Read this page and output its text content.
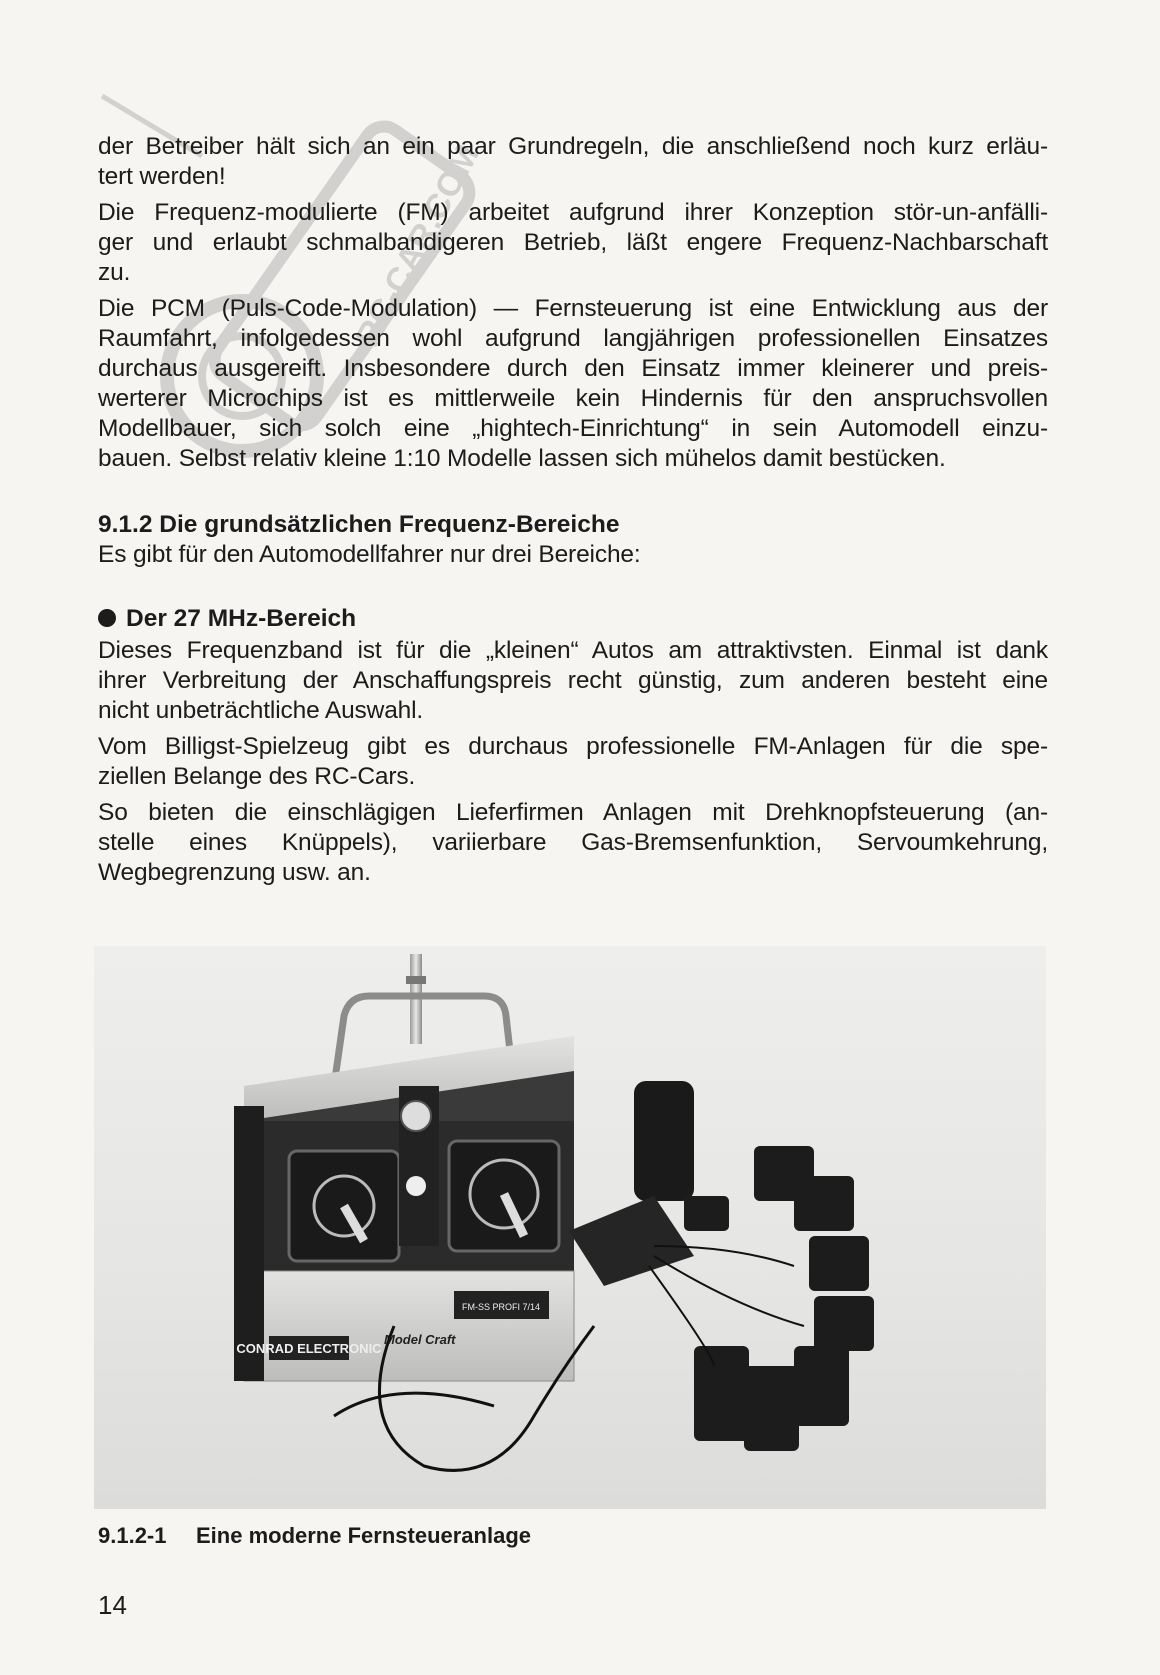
RC-CAR.COM

der Betreiber hält sich an ein paar Grundregeln, die anschließend noch kurz erläu-
tert werden!

Die Frequenz-modulierte (FM) arbeitet aufgrund ihrer Konzeption stör-un-anfälli-
ger und erlaubt schmalbandigeren Betrieb, läßt engere Frequenz-Nachbarschaft
zu.

Die PCM (Puls-Code-Modulation) — Fernsteuerung ist eine Entwicklung aus der
Raumfahrt, infolgedessen wohl aufgrund langjährigen professionellen Einsatzes
durchaus ausgereift. Insbesondere durch den Einsatz immer kleinerer und preis-
werterer Microchips ist es mittlerweile kein Hindernis für den anspruchsvollen
Modellbauer, sich solch eine „hightech-Einrichtung“ in sein Automodell einzu-
bauen. Selbst relativ kleine 1:10 Modelle lassen sich mühelos damit bestücken.

9.1.2 Die grundsätzlichen Frequenz-Bereiche

Es gibt für den Automodellfahrer nur drei Bereiche:

Der 27 MHz-Bereich

Dieses Frequenzband ist für die „kleinen“ Autos am attraktivsten. Einmal ist dank
ihrer Verbreitung der Anschaffungspreis recht günstig, zum anderen besteht eine
nicht unbeträchtliche Auswahl.

Vom Billigst-Spielzeug gibt es durchaus professionelle FM-Anlagen für die spe-
ziellen Belange des RC-Cars.

So bieten die einschlägigen Lieferfirmen Anlagen mit Drehknopfsteuerung (an-
stelle eines Knüppels), variierbare Gas-Bremsenfunktion, Servoumkehrung,
Wegbegrenzung usw. an.

CONRAD ELECTRONIC
Model Craft
FM-SS PROFI 7/14
9.1.2-1 Eine moderne Fernsteueranlage
14
